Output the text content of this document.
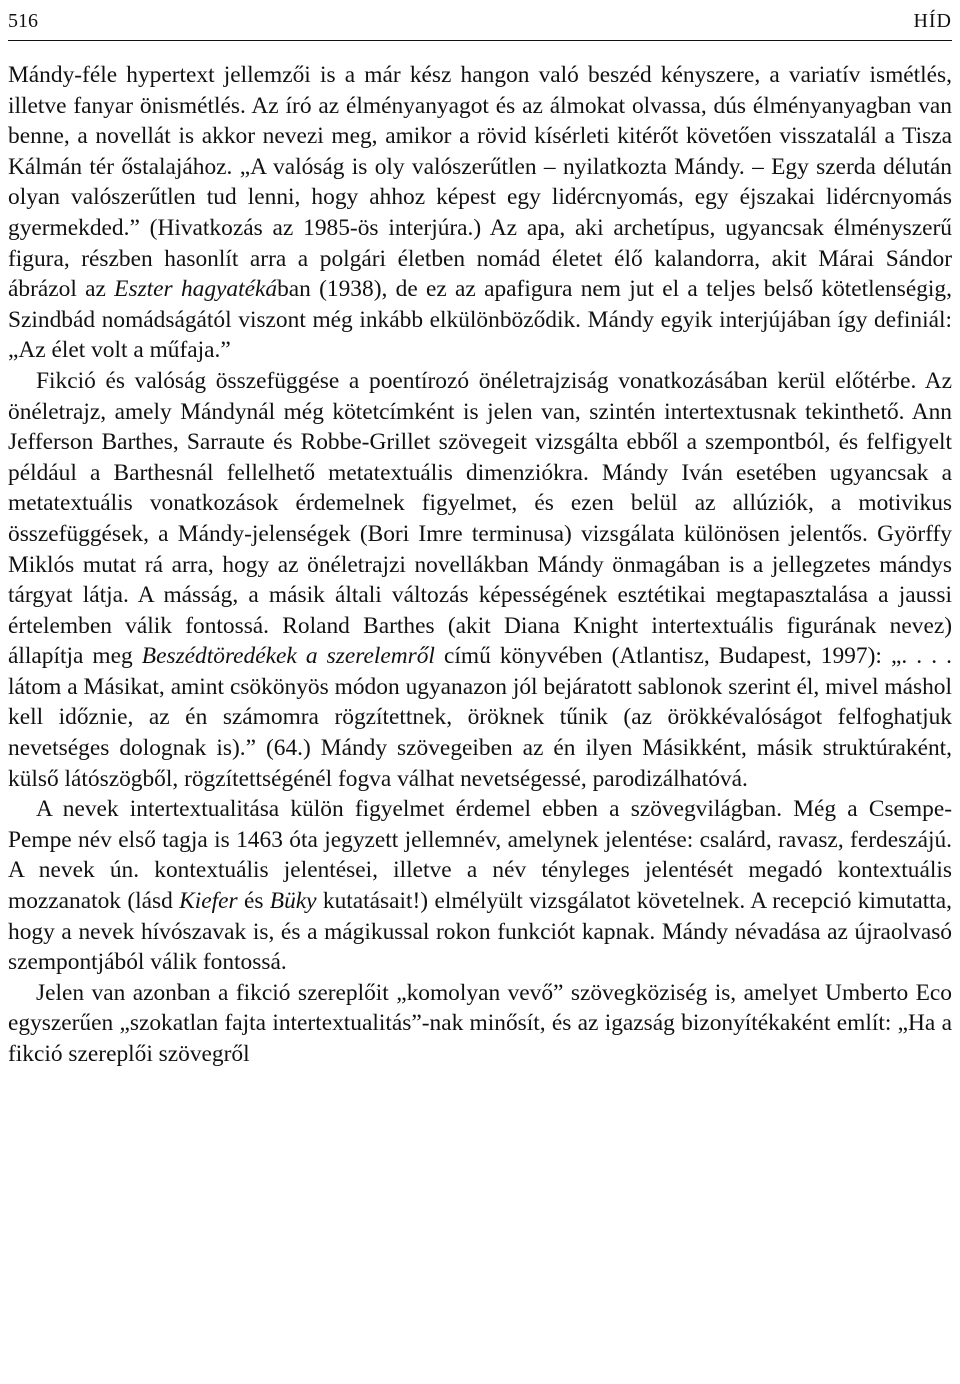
516	HÍD

Mándy-féle hypertext jellemzői is a már kész hangon való beszéd kényszere, a variatív ismétlés, illetve fanyar önismétlés. Az író az élményanyagot és az álmokat olvassa, dús élményanyagban van benne, a novellát is akkor nevezi meg, amikor a rövid kísérleti kitérőt követően visszatalál a Tisza Kálmán tér őstalajához. „A valóság is oly valószerűtlen – nyilatkozta Mándy. – Egy szerda délután olyan valószerűtlen tud lenni, hogy ahhoz képest egy lidércnyomás, egy éjszakai lidércnyomás gyermekded.” (Hivatkozás az 1985-ös interjúra.) Az apa, aki archetípus, ugyancsak élményszerű figura, részben hasonlít arra a polgári életben nomád életet élő kalandorra, akit Márai Sándor ábrázol az Eszter hagyatékában (1938), de ez az apafigura nem jut el a teljes belső kötetlenségig, Szindbád nomádságától viszont még inkább elkülönböződik. Mándy egyik interjújában így definiál: „Az élet volt a műfaja.”

Fikció és valóság összefüggése a poentírozó önéletrajziság vonatkozásában kerül előtérbe. Az önéletrajz, amely Mándynál még kötetcímként is jelen van, szintén intertextusnak tekinthető. Ann Jefferson Barthes, Sarraute és Robbe-Grillet szövegeit vizsgálta ebből a szempontból, és felfigyelt például a Barthesnál fellelhető metatextuális dimenziókra. Mándy Iván esetében ugyancsak a metatextuális vonatkozások érdemelnek figyelmet, és ezen belül az allúziók, a motivikus összefüggések, a Mándy-jelenségek (Bori Imre terminusa) vizsgálata különösen jelentős. Györffy Miklós mutat rá arra, hogy az önéletrajzi novellákban Mándy önmagában is a jellegzetes mándys tárgyat látja. A másság, a másik általi változás képességének esztétikai megtapasztalása a jaussi értelemben válik fontossá. Roland Barthes (akit Diana Knight intertextuális figurának nevez) állapítja meg Beszédtöredékek a szerelemről című könyvében (Atlantisz, Budapest, 1997): „. . . . látom a Másikat, amint csökönyös módon ugyanazon jól bejáratott sablonok szerint él, mivel máshol kell időznie, az én számomra rögzítettnek, öröknek tűnik (az örökkévalóságot felfoghatjuk nevetséges dolognak is).” (64.) Mándy szövegeiben az én ilyen Másikként, másik struktúraként, külső látószögből, rögzítettségénél fogva válhat nevetségessé, parodizálhatóvá.

A nevek intertextualitása külön figyelmet érdemel ebben a szövegvilágban. Még a Csempe-Pempe név első tagja is 1463 óta jegyzett jellemnév, amelynek jelentése: csalárd, ravasz, ferdeszájú. A nevek ún. kontextuális jelentései, illetve a név tényleges jelentését megadó kontextuális mozzanatok (lásd Kiefer és Büky kutatásait!) elmélyült vizsgálatot követelnek. A recepció kimutatta, hogy a nevek hívószavak is, és a mágikussal rokon funkciót kapnak. Mándy névadása az újraolvasó szempontjából válik fontossá.

Jelen van azonban a fikció szereplőit „komolyan vevő” szövegköziség is, amelyet Umberto Eco egyszerűen „szokatlan fajta intertextualitás”-nak minősít, és az igazság bizonyítékaként említ: „Ha a fikció szereplői szövegről
